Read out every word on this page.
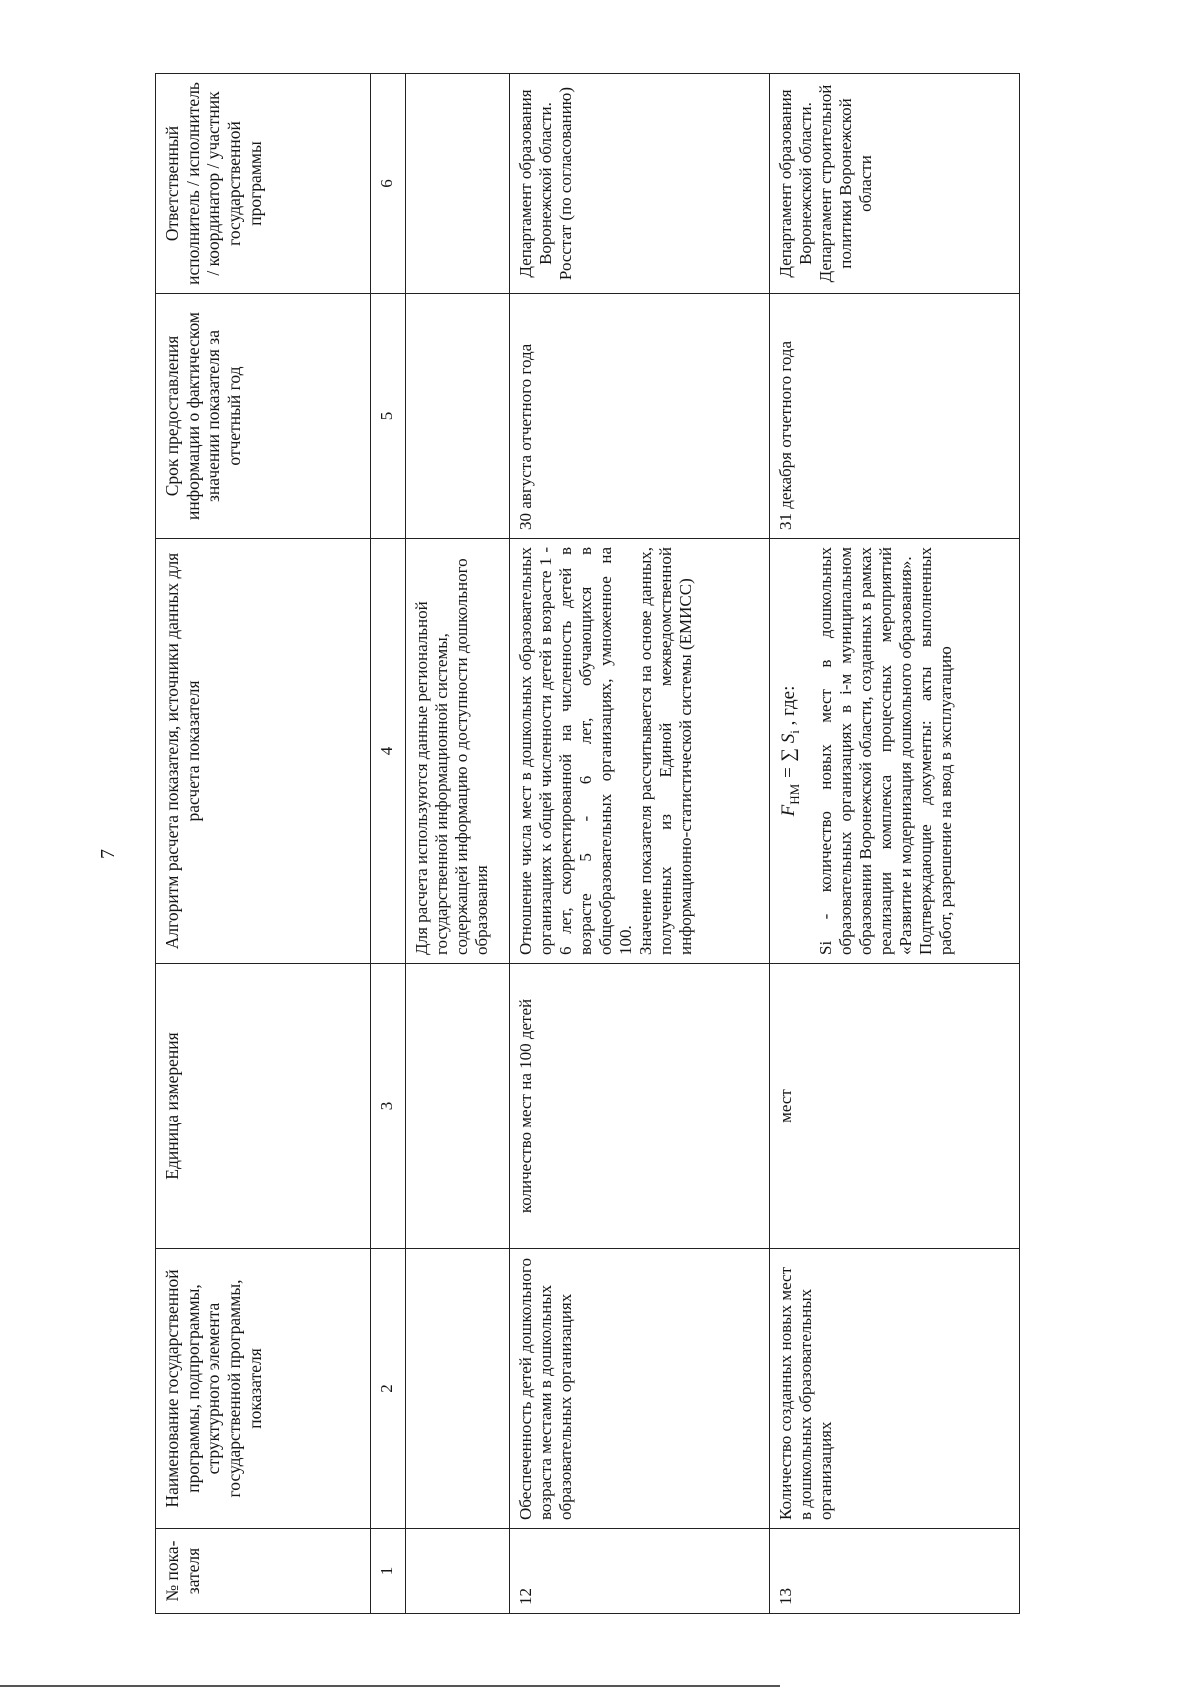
7
№ пока-зателя	Наименование государственной программы, подпрограммы, структурного элемента государственной программы, показателя	Единица измерения	Алгоритм расчета показателя, источники данных для расчета показателя	Срок предоставления информации о фактическом значении показателя за отчетный год	Ответственный исполнитель / исполнитель / координатор / участник государственной программы
1	2	3	4	5	6
			Для расчета используются данные региональной государственной информационной системы, содержащей информацию о доступности дошкольного образования		
12	Обеспеченность детей дошкольного возраста местами в дошкольных образовательных организациях	количество мест на 100 детей	Отношение числа мест в дошкольных образовательных организациях к общей численности детей в возрасте 1 - 6 лет, скорректированной на численность детей в возрасте 5 - 6 лет, обучающихся в общеобразовательных организациях, умноженное на 100. Значение показателя рассчитывается на основе данных, полученных из Единой межведомственной информационно-статистической системы (ЕМИСС)	30 августа отчетного года	Департамент образования Воронежской области. Росстат (по согласованию)
13	Количество созданных новых мест в дошкольных образовательных организациях	мест	$F_{НМ}$ = ∑ $S_i$ , где: Si - количество новых мест в дошкольных образовательных организациях в i-м муниципальном образовании Воронежской области, созданных в рамках реализации комплекса процессных мероприятий «Развитие и модернизация дошкольного образования». Подтверждающие документы: акты выполненных работ, разрешение на ввод в эксплуатацию	31 декабря отчетного года	Департамент образования Воронежской области. Департамент строительной политики Воронежской области
